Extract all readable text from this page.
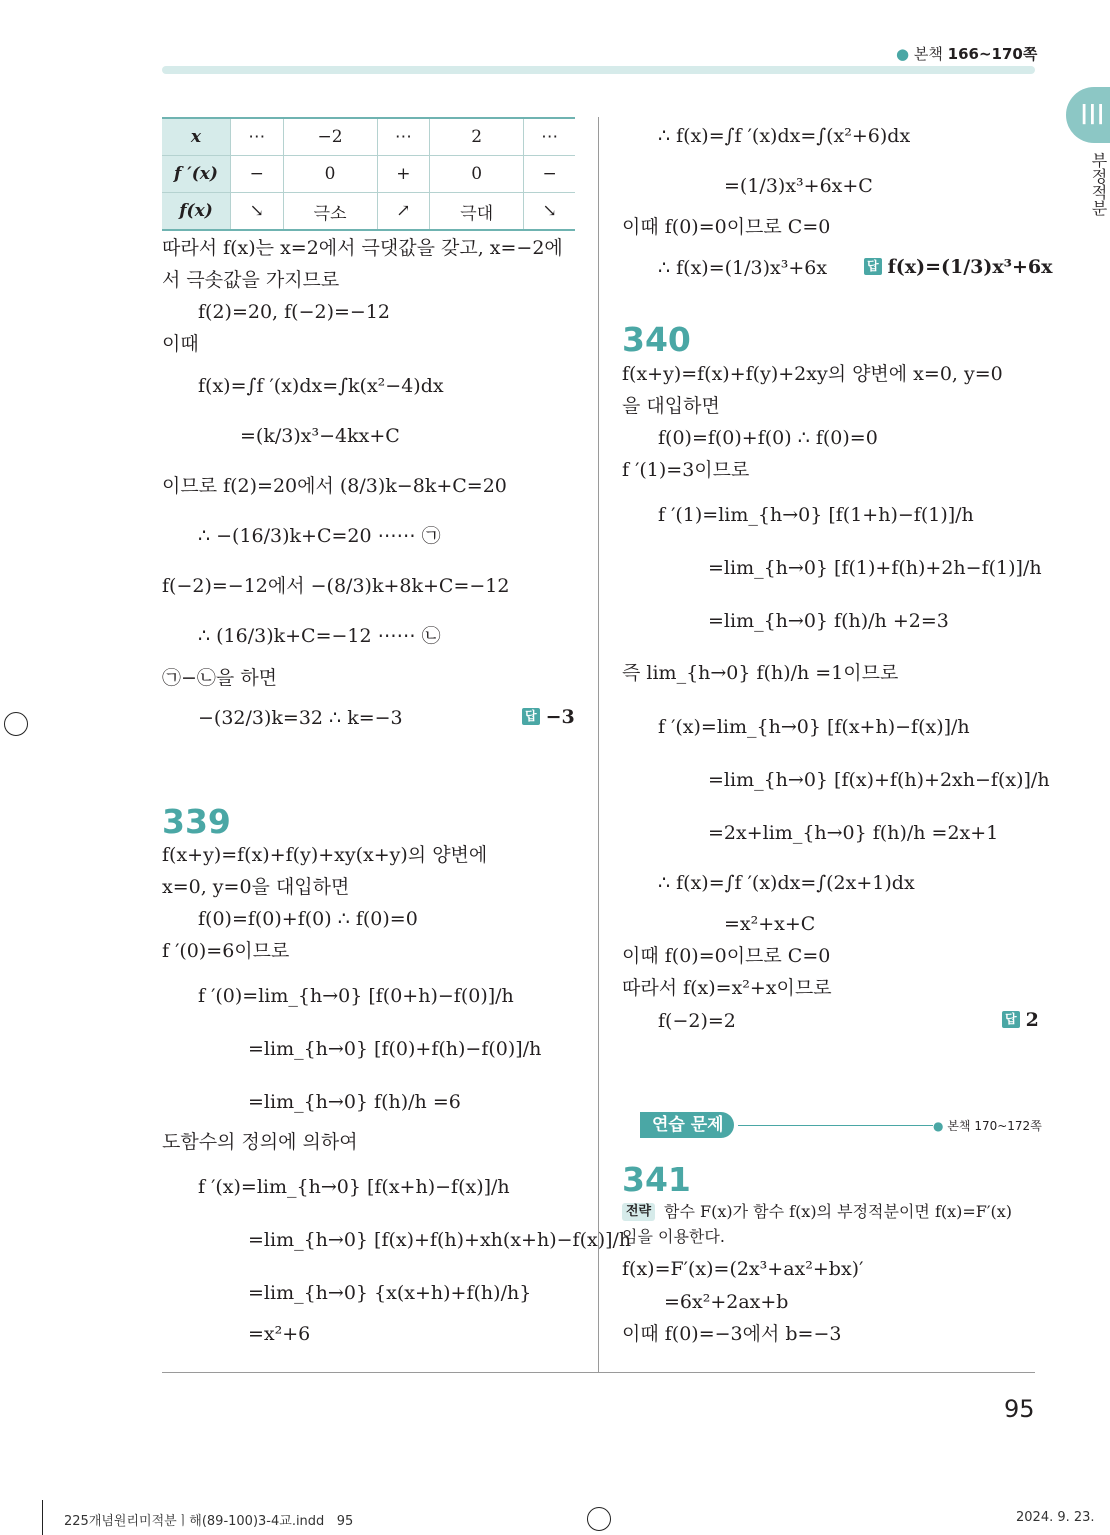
● 본책 166~170쪽
III
부정적분
x	⋯	−2	⋯	2	⋯
f ′(x)	−	0	+	0	−
f(x)	↘	극소	↗	극대	↘
따라서 f(x)는 x=2에서 극댓값을 갖고, x=−2에
서 극솟값을 가지므로
f(2)=20, f(−2)=−12
이때
f(x)=∫f ′(x)dx=∫k(x²−4)dx
=(k/3)x³−4kx+C
이므로 f(2)=20에서 (8/3)k−8k+C=20
∴ −(16/3)k+C=20 ⋯⋯ ㉠
f(−2)=−12에서 −(8/3)k+8k+C=−12
∴ (16/3)k+C=−12 ⋯⋯ ㉡
㉠−㉡을 하면
−(32/3)k=32 ∴ k=−3	답 −3
339
f(x+y)=f(x)+f(y)+xy(x+y)의 양변에
x=0, y=0을 대입하면
f(0)=f(0)+f(0) ∴ f(0)=0
f ′(0)=6이므로
f ′(0)=lim_{h→0} [f(0+h)−f(0)]/h
=lim_{h→0} [f(0)+f(h)−f(0)]/h
=lim_{h→0} f(h)/h =6
도함수의 정의에 의하여
f ′(x)=lim_{h→0} [f(x+h)−f(x)]/h
=lim_{h→0} [f(x)+f(h)+xh(x+h)−f(x)]/h
=lim_{h→0} {x(x+h)+f(h)/h}
=x²+6
∴ f(x)=∫f ′(x)dx=∫(x²+6)dx
=(1/3)x³+6x+C
이때 f(0)=0이므로 C=0
∴ f(x)=(1/3)x³+6x	답 f(x)=(1/3)x³+6x
340
f(x+y)=f(x)+f(y)+2xy의 양변에 x=0, y=0
을 대입하면
f(0)=f(0)+f(0) ∴ f(0)=0
f ′(1)=3이므로
f ′(1)=lim_{h→0} [f(1+h)−f(1)]/h
=lim_{h→0} [f(1)+f(h)+2h−f(1)]/h
=lim_{h→0} f(h)/h +2=3
즉 lim_{h→0} f(h)/h =1이므로
f ′(x)=lim_{h→0} [f(x+h)−f(x)]/h
=lim_{h→0} [f(x)+f(h)+2xh−f(x)]/h
=2x+lim_{h→0} f(h)/h =2x+1
∴ f(x)=∫f ′(x)dx=∫(2x+1)dx
=x²+x+C
이때 f(0)=0이므로 C=0
따라서 f(x)=x²+x이므로
f(−2)=2	답 2
연습 문제	● 본책 170~172쪽
341
전략 함수 F(x)가 함수 f(x)의 부정적분이면 f(x)=F′(x)
임을 이용한다.
f(x)=F′(x)=(2x³+ax²+bx)′
=6x²+2ax+b
이때 f(0)=−3에서 b=−3
95
225개념원리미적분ㅣ해(89-100)3-4교.indd   95	2024. 9. 23.
